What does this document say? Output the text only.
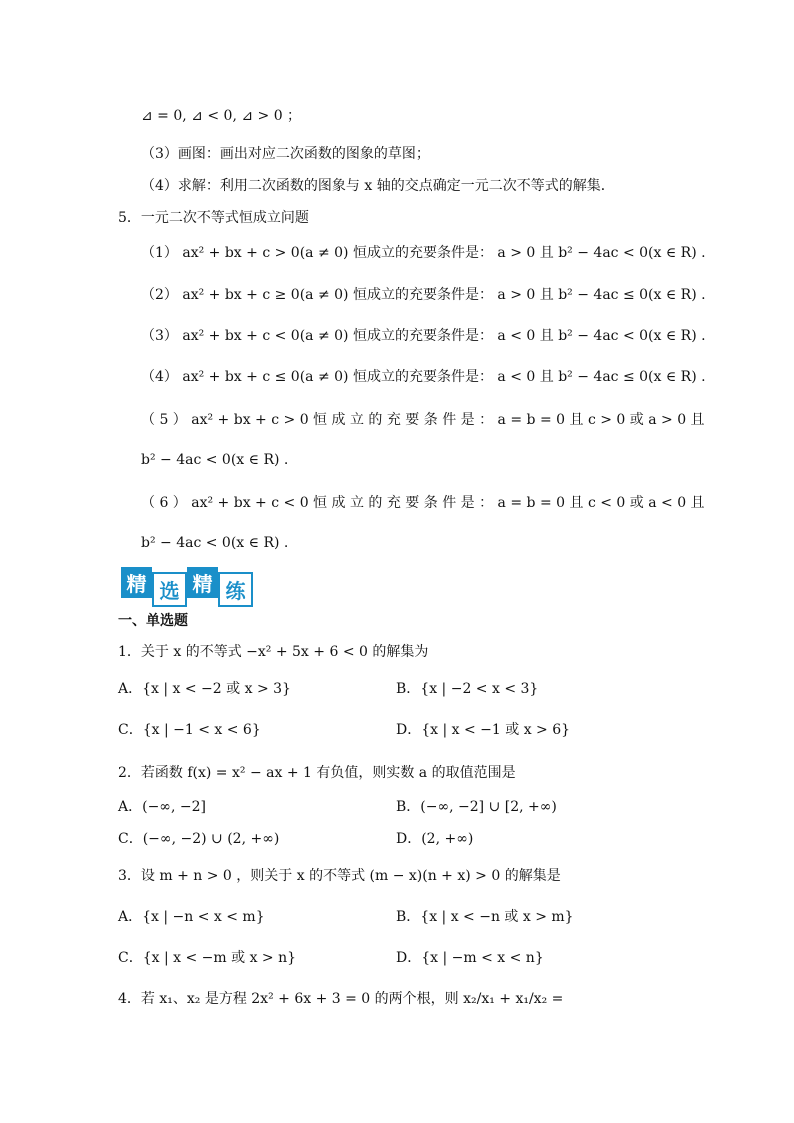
⊿ = 0, ⊿ < 0, ⊿ > 0 ；
（3）画图：画出对应二次函数的图象的草图；
（4）求解：利用二次函数的图象与 x 轴的交点确定一元二次不等式的解集．
5．一元二次不等式恒成立问题
（1） ax² + bx + c > 0(a ≠ 0) 恒成立的充要条件是： a > 0 且 b² − 4ac < 0(x ∈ R) .
（2） ax² + bx + c ≥ 0(a ≠ 0) 恒成立的充要条件是： a > 0 且 b² − 4ac ≤ 0(x ∈ R) .
（3） ax² + bx + c < 0(a ≠ 0) 恒成立的充要条件是： a < 0 且 b² − 4ac < 0(x ∈ R) .
（4） ax² + bx + c ≤ 0(a ≠ 0) 恒成立的充要条件是： a < 0 且 b² − 4ac ≤ 0(x ∈ R) .
（ 5 ） ax² + bx + c > 0 恒 成 立 的 充 要 条 件 是 ： a = b = 0 且 c > 0 或 a > 0 且
b² − 4ac < 0(x ∈ R) .
（ 6 ） ax² + bx + c < 0 恒 成 立 的 充 要 条 件 是 ： a = b = 0 且 c < 0 或 a < 0 且
b² − 4ac < 0(x ∈ R) .
精 选 精 练
一、单选题
1．关于 x 的不等式 −x² + 5x + 6 < 0 的解集为
A．{x | x < −2 或 x > 3}	B．{x | −2 < x < 3}
C．{x | −1 < x < 6}	D．{x | x < −1 或 x > 6}
2．若函数 f(x) = x² − ax + 1 有负值，则实数 a 的取值范围是
A．(−∞, −2]	B．(−∞, −2] ∪ [2, +∞)
C．(−∞, −2) ∪ (2, +∞)	D．(2, +∞)
3．设 m + n > 0 ，则关于 x 的不等式 (m − x)(n + x) > 0 的解集是
A．{x | −n < x < m}	B．{x | x < −n 或 x > m}
C．{x | x < −m 或 x > n}	D．{x | −m < x < n}
4．若 x₁、x₂ 是方程 2x² + 6x + 3 = 0 的两个根，则 x₂/x₁ + x₁/x₂ =
